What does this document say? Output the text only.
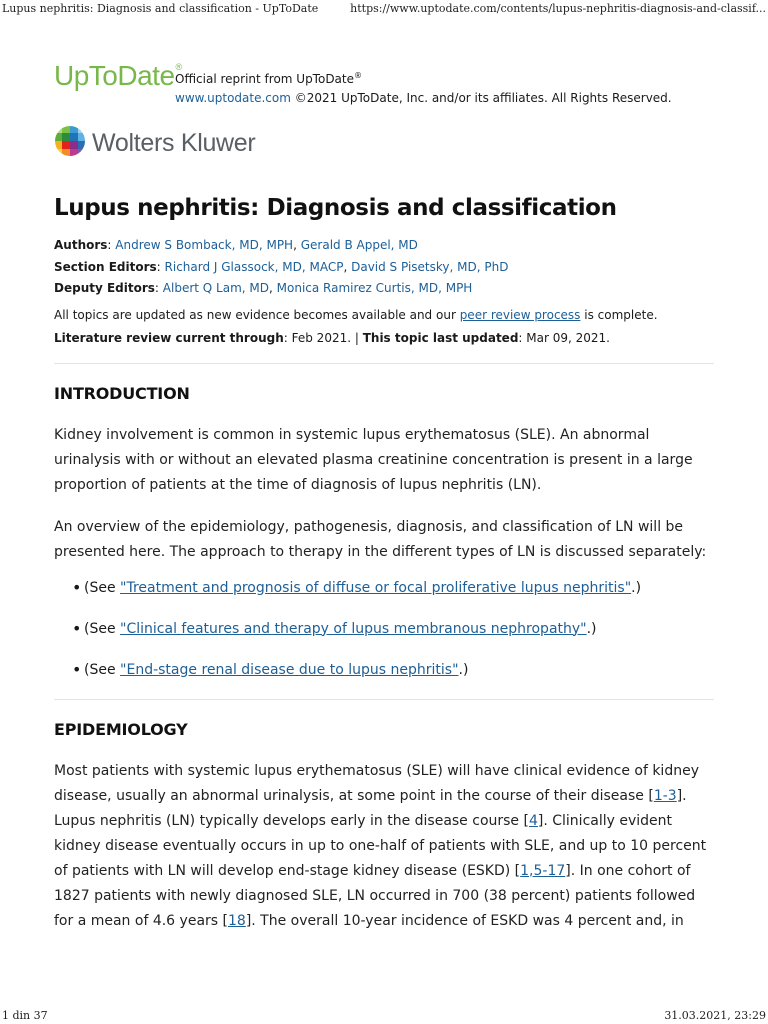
Lupus nephritis: Diagnosis and classification - UpToDate	https://www.uptodate.com/contents/lupus-nephritis-diagnosis-and-classif...
UpToDate®
Official reprint from UpToDate®
www.uptodate.com ©2021 UpToDate, Inc. and/or its affiliates. All Rights Reserved.
Wolters Kluwer
Lupus nephritis: Diagnosis and classification
Authors: Andrew S Bomback, MD, MPH, Gerald B Appel, MD
Section Editors: Richard J Glassock, MD, MACP, David S Pisetsky, MD, PhD
Deputy Editors: Albert Q Lam, MD, Monica Ramirez Curtis, MD, MPH
All topics are updated as new evidence becomes available and our peer review process is complete.
Literature review current through: Feb 2021. | This topic last updated: Mar 09, 2021.
INTRODUCTION

Kidney involvement is common in systemic lupus erythematosus (SLE). An abnormal urinalysis with or without an elevated plasma creatinine concentration is present in a large proportion of patients at the time of diagnosis of lupus nephritis (LN).

An overview of the epidemiology, pathogenesis, diagnosis, and classification of LN will be presented here. The approach to therapy in the different types of LN is discussed separately:

• (See "Treatment and prognosis of diffuse or focal proliferative lupus nephritis".)
• (See "Clinical features and therapy of lupus membranous nephropathy".)
• (See "End-stage renal disease due to lupus nephritis".)
EPIDEMIOLOGY

Most patients with systemic lupus erythematosus (SLE) will have clinical evidence of kidney disease, usually an abnormal urinalysis, at some point in the course of their disease [1-3]. Lupus nephritis (LN) typically develops early in the disease course [4]. Clinically evident kidney disease eventually occurs in up to one-half of patients with SLE, and up to 10 percent of patients with LN will develop end-stage kidney disease (ESKD) [1,5-17]. In one cohort of 1827 patients with newly diagnosed SLE, LN occurred in 700 (38 percent) patients followed for a mean of 4.6 years [18]. The overall 10-year incidence of ESKD was 4 percent and, in

1 din 37	31.03.2021, 23:29
